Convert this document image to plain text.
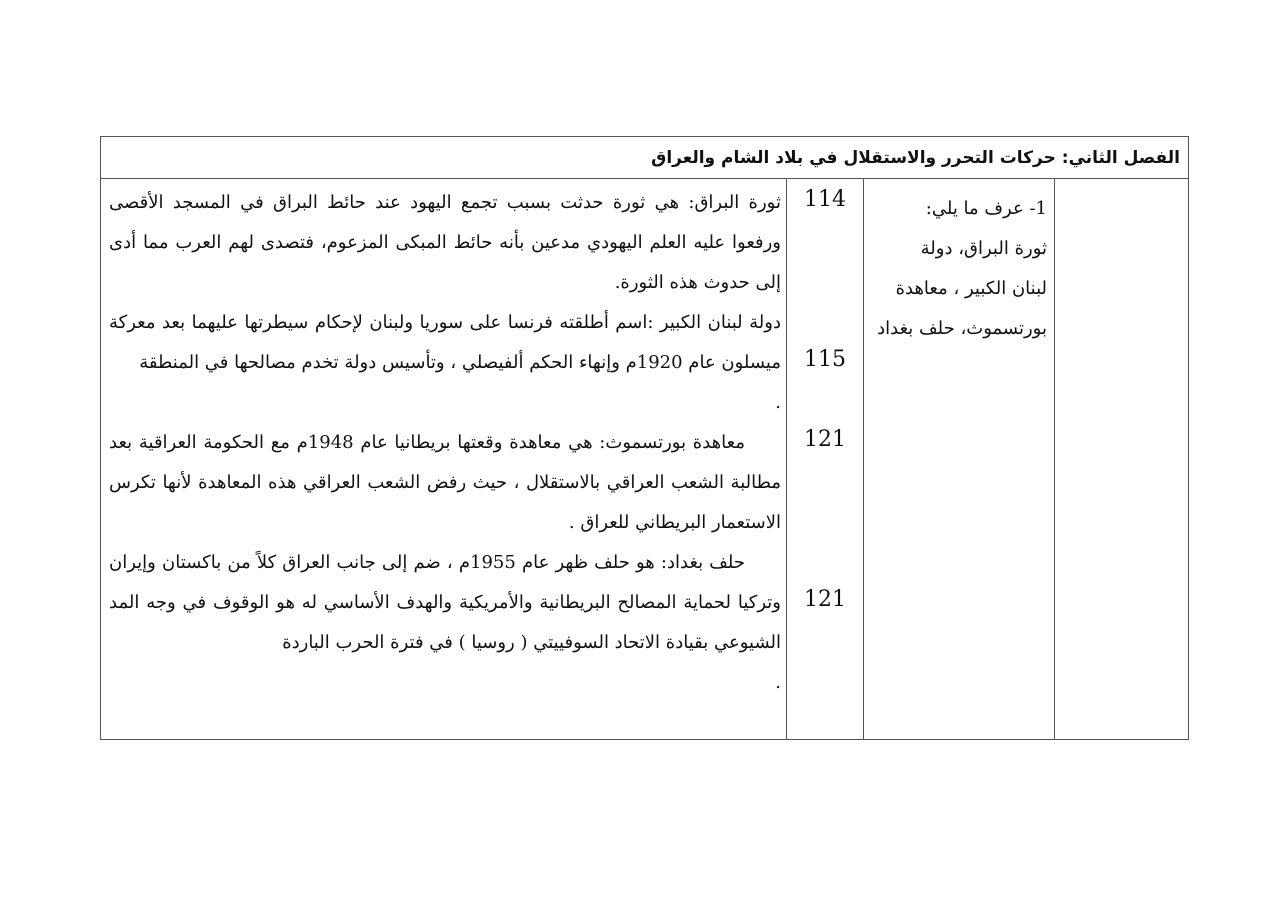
الفصل الثاني: حركات التحرر والاستقلال في بلاد الشام والعراق
1- عرف ما يلي:
ثورة البراق، دولة
لبنان الكبير ، معاهدة
بورتسموث، حلف بغداد
114
115
121
121

ثورة البراق: هي ثورة حدثت بسبب تجمع اليهود عند حائط البراق في المسجد الأقصى ورفعوا عليه العلم اليهودي مدعين بأنه حائط المبكى المزعوم، فتصدى لهم العرب مما أدى إلى حدوث هذه الثورة.

دولة لبنان الكبير :اسم أطلقته فرنسا على سوريا ولبنان لإحكام سيطرتها عليهما بعد معركة ميسلون عام 1920م وإنهاء الحكم ألفيصلي ، وتأسيس دولة تخدم مصالحها في المنطقة

.

معاهدة بورتسموث: هي معاهدة وقعتها بريطانيا عام 1948م مع الحكومة العراقية بعد مطالبة الشعب العراقي بالاستقلال ، حيث رفض الشعب العراقي هذه المعاهدة لأنها تكرس الاستعمار البريطاني للعراق .

حلف بغداد: هو حلف ظهر عام 1955م ، ضم إلى جانب العراق كلاً من باكستان وإيران وتركيا لحماية المصالح البريطانية والأمريكية والهدف الأساسي له هو الوقوف في وجه المد الشيوعي بقيادة الاتحاد السوفييتي ( روسيا ) في فترة الحرب الباردة

.
